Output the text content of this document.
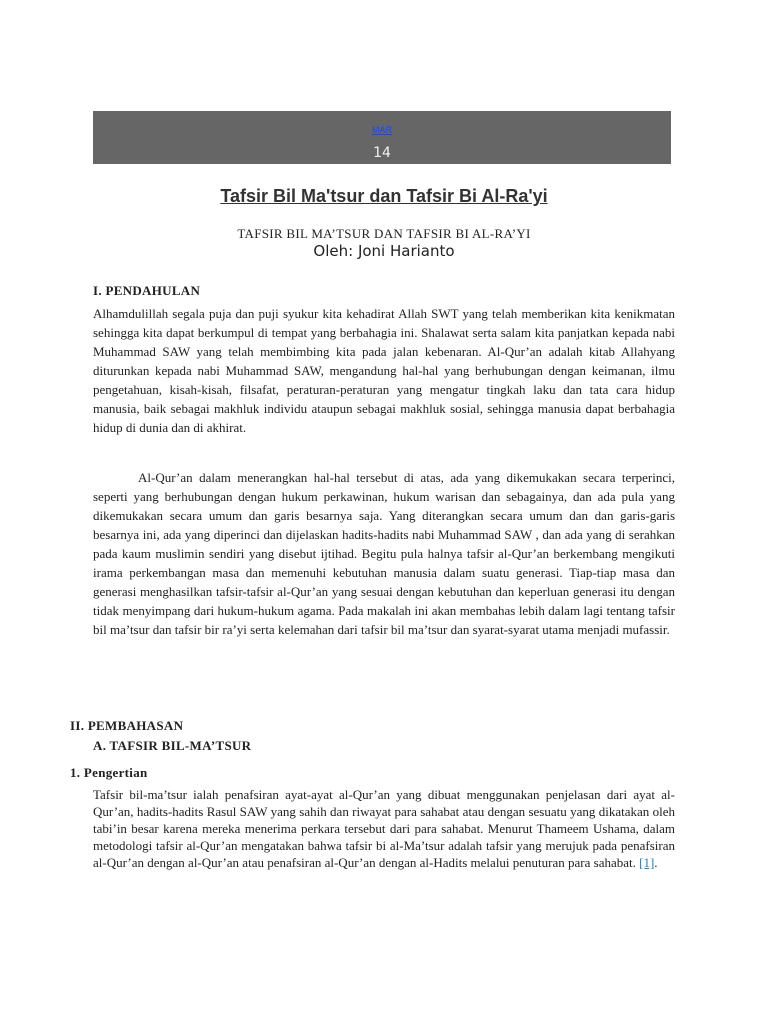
MAR
14
Tafsir Bil Ma'tsur dan Tafsir Bi Al-Ra'yi
TAFSIR BIL MA’TSUR DAN TAFSIR BI AL-RA’YI
Oleh: Joni Harianto
I. PENDAHULAN

Alhamdulillah segala puja dan puji syukur kita kehadirat Allah SWT yang telah memberikan kita kenikmatan sehingga kita dapat berkumpul di tempat yang berbahagia ini. Shalawat serta salam kita panjatkan kepada nabi Muhammad SAW yang telah membimbing kita pada jalan kebenaran. Al-Qur’an adalah kitab Allahyang diturunkan kepada nabi Muhammad SAW, mengandung hal-hal yang berhubungan dengan keimanan, ilmu pengetahuan, kisah-kisah, filsafat, peraturan-peraturan yang mengatur tingkah laku dan tata cara hidup manusia, baik sebagai makhluk individu ataupun sebagai makhluk sosial, sehingga manusia dapat berbahagia hidup di dunia dan di akhirat.

Al-Qur’an dalam menerangkan hal-hal tersebut di atas, ada yang dikemukakan secara terperinci, seperti yang berhubungan dengan hukum perkawinan, hukum warisan dan sebagainya, dan ada pula yang dikemukakan secara umum dan garis besarnya saja. Yang diterangkan secara umum dan dan garis-garis besarnya ini, ada yang diperinci dan dijelaskan hadits-hadits nabi Muhammad SAW , dan ada yang di serahkan pada kaum muslimin sendiri yang disebut ijtihad. Begitu pula halnya tafsir al-Qur’an berkembang mengikuti irama perkembangan masa dan memenuhi kebutuhan manusia dalam suatu generasi. Tiap-tiap masa dan generasi menghasilkan tafsir-tafsir al-Qur’an yang sesuai dengan kebutuhan dan keperluan generasi itu dengan tidak menyimpang dari hukum-hukum agama. Pada makalah ini akan membahas lebih dalam lagi tentang tafsir bil ma’tsur dan tafsir bir ra’yi serta kelemahan dari tafsir bil ma’tsur dan syarat-syarat utama menjadi mufassir.

II. PEMBAHASAN
A. TAFSIR BIL-MA’TSUR
1. Pengertian

Tafsir bil-ma’tsur ialah penafsiran ayat-ayat al-Qur’an yang dibuat menggunakan penjelasan dari ayat al-Qur’an, hadits-hadits Rasul SAW yang sahih dan riwayat para sahabat atau dengan sesuatu yang dikatakan oleh tabi’in besar karena mereka menerima perkara tersebut dari para sahabat. Menurut Thameem Ushama, dalam metodologi tafsir al-Qur’an mengatakan bahwa tafsir bi al-Ma’tsur adalah tafsir yang merujuk pada penafsiran al-Qur’an dengan al-Qur’an atau penafsiran al-Qur’an dengan al-Hadits melalui penuturan para sahabat. [1].
